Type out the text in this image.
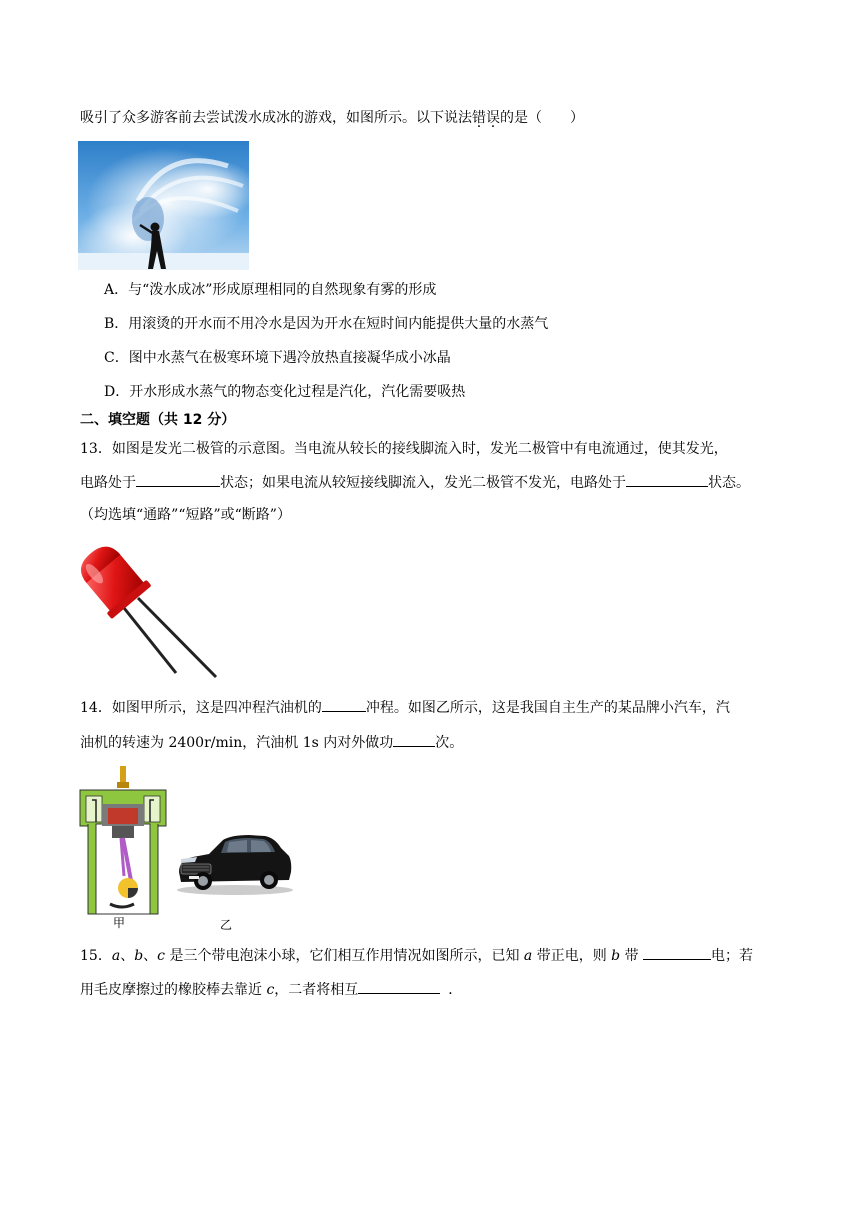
吸引了众多游客前去尝试泼水成冰的游戏，如图所示。以下说法错误的是（　　）
A．与“泼水成冰”形成原理相同的自然现象有雾的形成
B．用滚烫的开水而不用冷水是因为开水在短时间内能提供大量的水蒸气
C．图中水蒸气在极寒环境下遇冷放热直接凝华成小冰晶
D．开水形成水蒸气的物态变化过程是汽化，汽化需要吸热
二、填空题（共 12 分）
13．如图是发光二极管的示意图。当电流从较长的接线脚流入时，发光二极管中有电流通过，使其发光，
电路处于	状态；如果电流从较短接线脚流入，发光二极管不发光，电路处于	状态。
（均选填“通路”“短路”或“断路”）
14．如图甲所示，这是四冲程汽油机的	冲程。如图乙所示，这是我国自主生产的某品牌小汽车，汽
油机的转速为 2400r/min，汽油机 1s 内对外做功	次。
甲	乙
15．a、b、c 是三个带电泡沫小球，它们相互作用情况如图所示，已知 a 带正电，则 b 带	电；若
用毛皮摩擦过的橡胶棒去靠近 c，二者将相互	．
